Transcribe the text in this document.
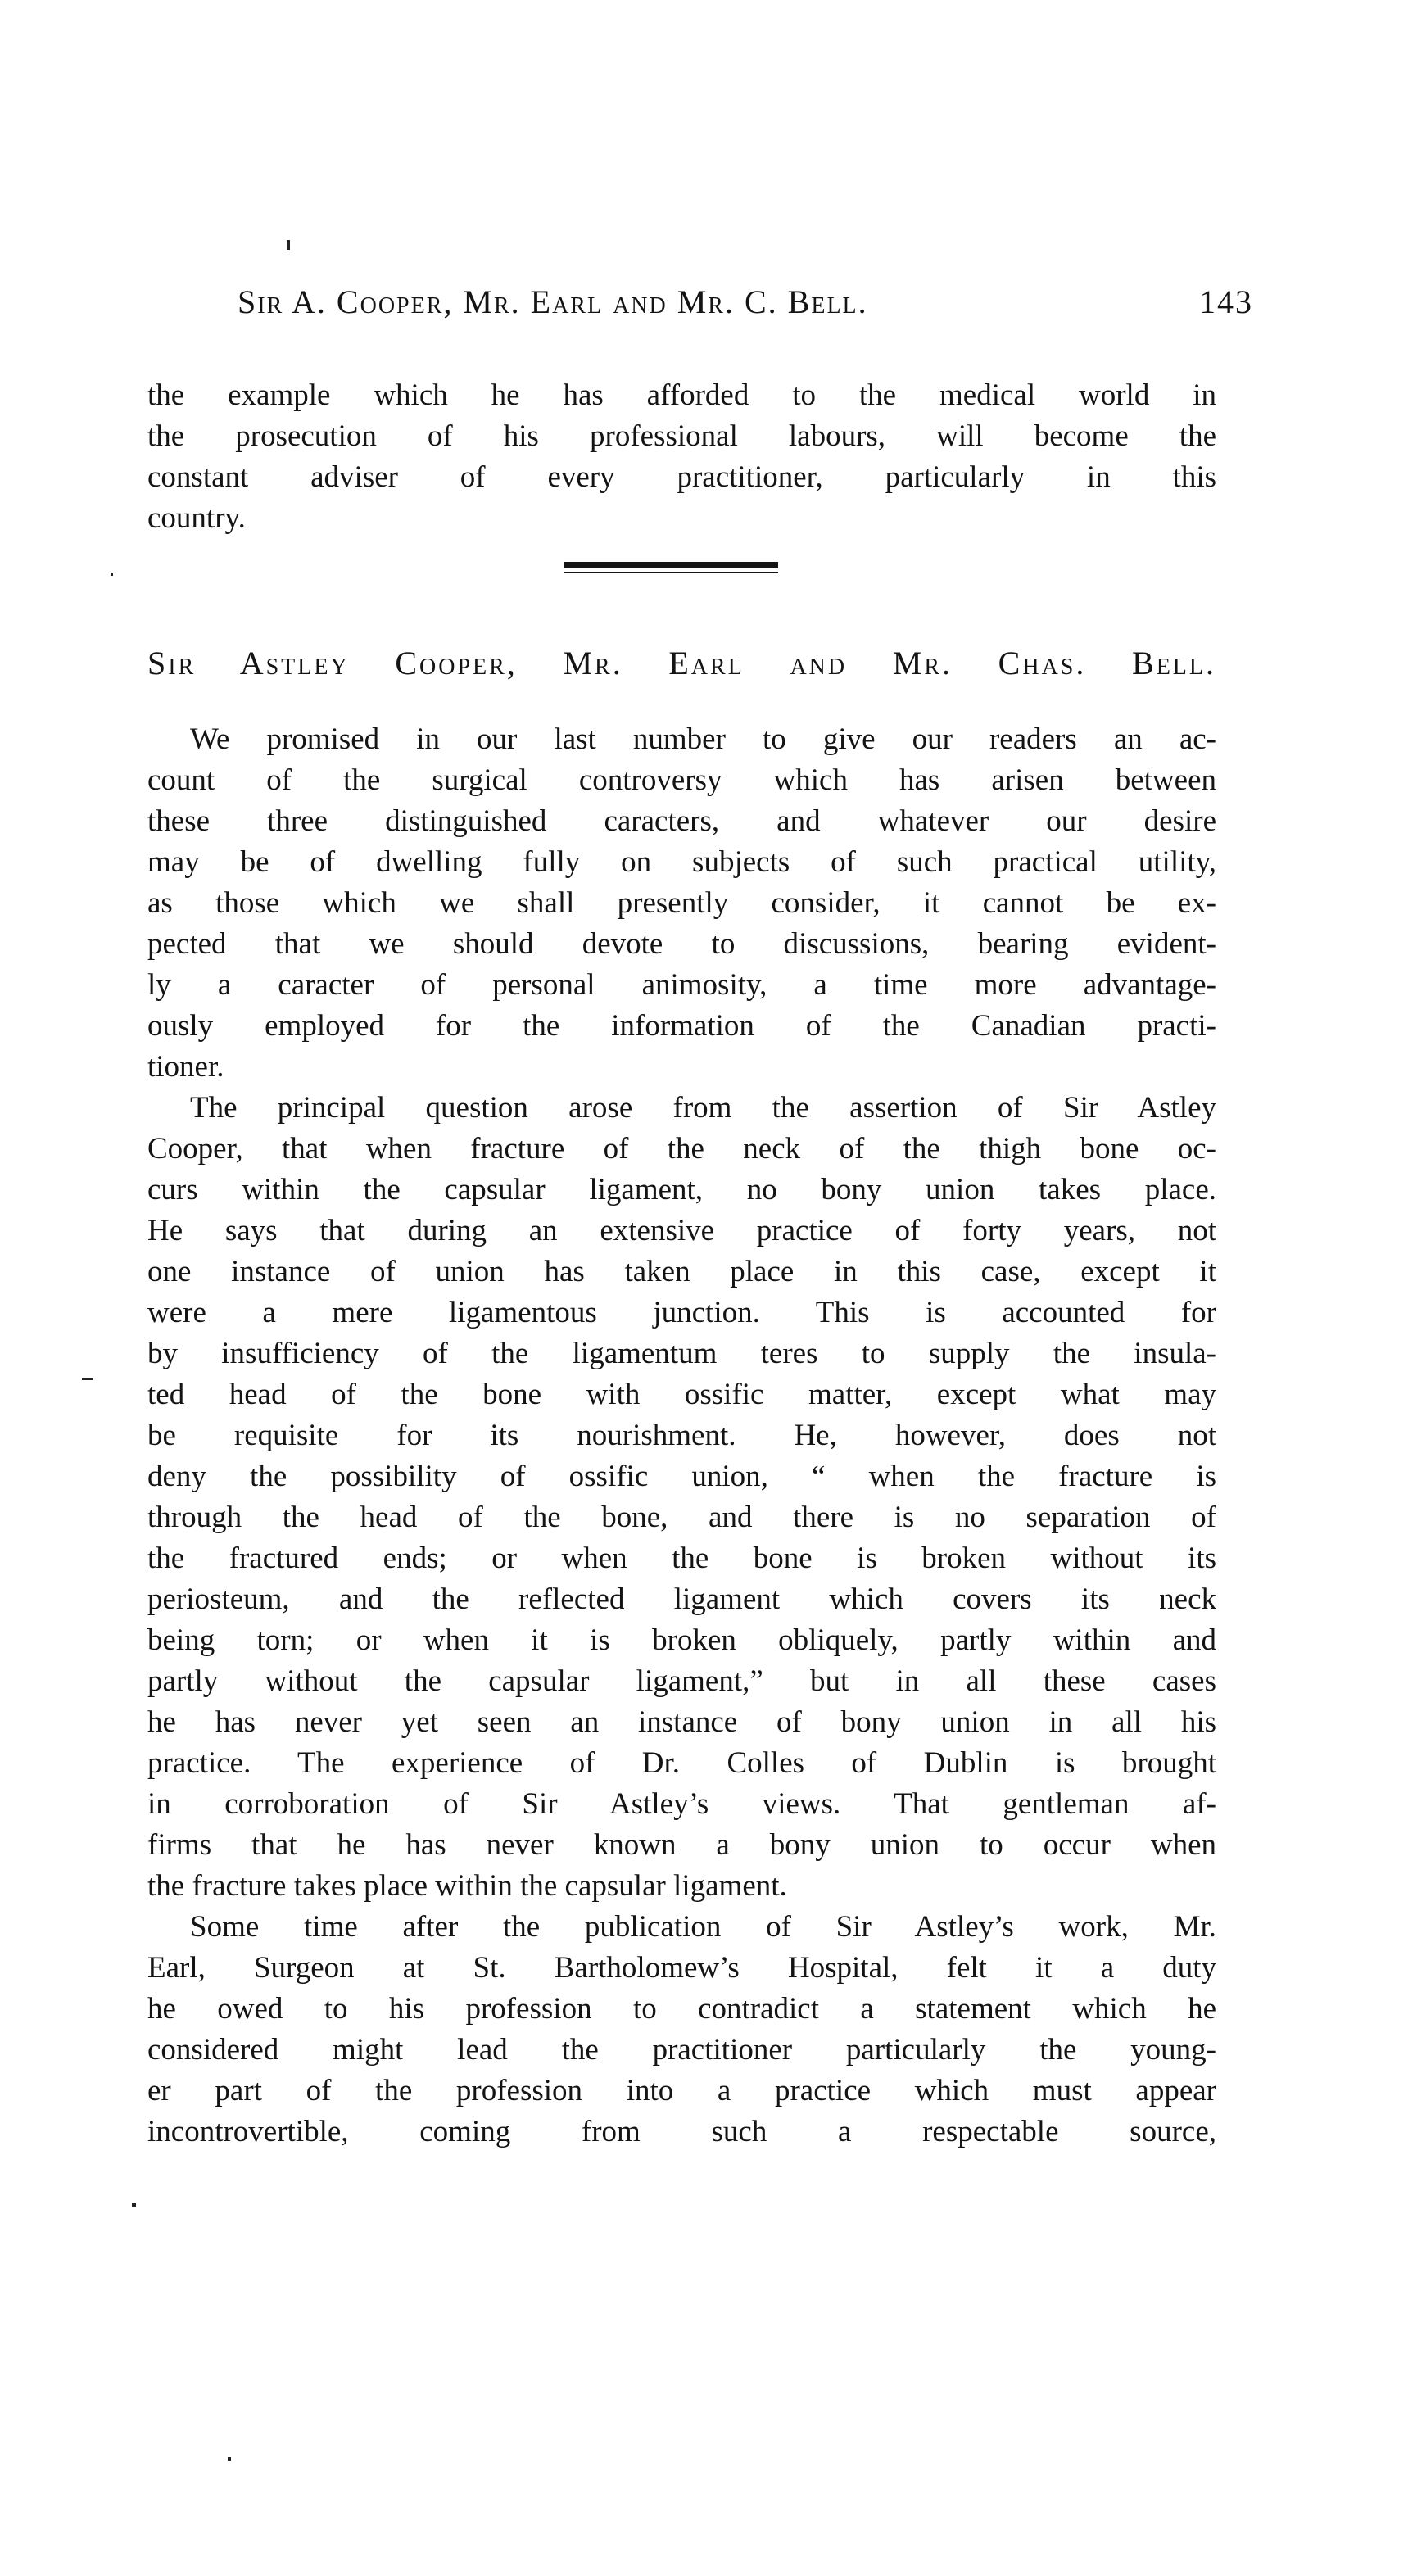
Sir A. Cooper, Mr. Earl and Mr. C. Bell.	143
the example which he has afforded to the medical world in
the prosecution of his professional labours, will become the
constant adviser of every practitioner, particularly in this
country.
Sir Astley Cooper, Mr. Earl and Mr. Chas. Bell.
We promised in our last number to give our readers an ac-
count of the surgical controversy which has arisen between
these three distinguished caracters, and whatever our desire
may be of dwelling fully on subjects of such practical utility,
as those which we shall presently consider, it cannot be ex-
pected that we should devote to discussions, bearing evident-
ly a caracter of personal animosity, a time more advantage-
ously employed for the information of the Canadian practi-
tioner.
The principal question arose from the assertion of Sir Astley
Cooper, that when fracture of the neck of the thigh bone oc-
curs within the capsular ligament, no bony union takes place.
He says that during an extensive practice of forty years, not
one instance of union has taken place in this case, except it
were a mere ligamentous junction. This is accounted for
by insufficiency of the ligamentum teres to supply the insula-
ted head of the bone with ossific matter, except what may
be requisite for its nourishment. He, however, does not
deny the possibility of ossific union, “ when the fracture is
through the head of the bone, and there is no separation of
the fractured ends; or when the bone is broken without its
periosteum, and the reflected ligament which covers its neck
being torn; or when it is broken obliquely, partly within and
partly without the capsular ligament,” but in all these cases
he has never yet seen an instance of bony union in all his
practice. The experience of Dr. Colles of Dublin is brought
in corroboration of Sir Astley’s views. That gentleman af-
firms that he has never known a bony union to occur when
the fracture takes place within the capsular ligament.
Some time after the publication of Sir Astley’s work, Mr.
Earl, Surgeon at St. Bartholomew’s Hospital, felt it a duty
he owed to his profession to contradict a statement which he
considered might lead the practitioner particularly the young-
er part of the profession into a practice which must appear
incontrovertible, coming from such a respectable source,
